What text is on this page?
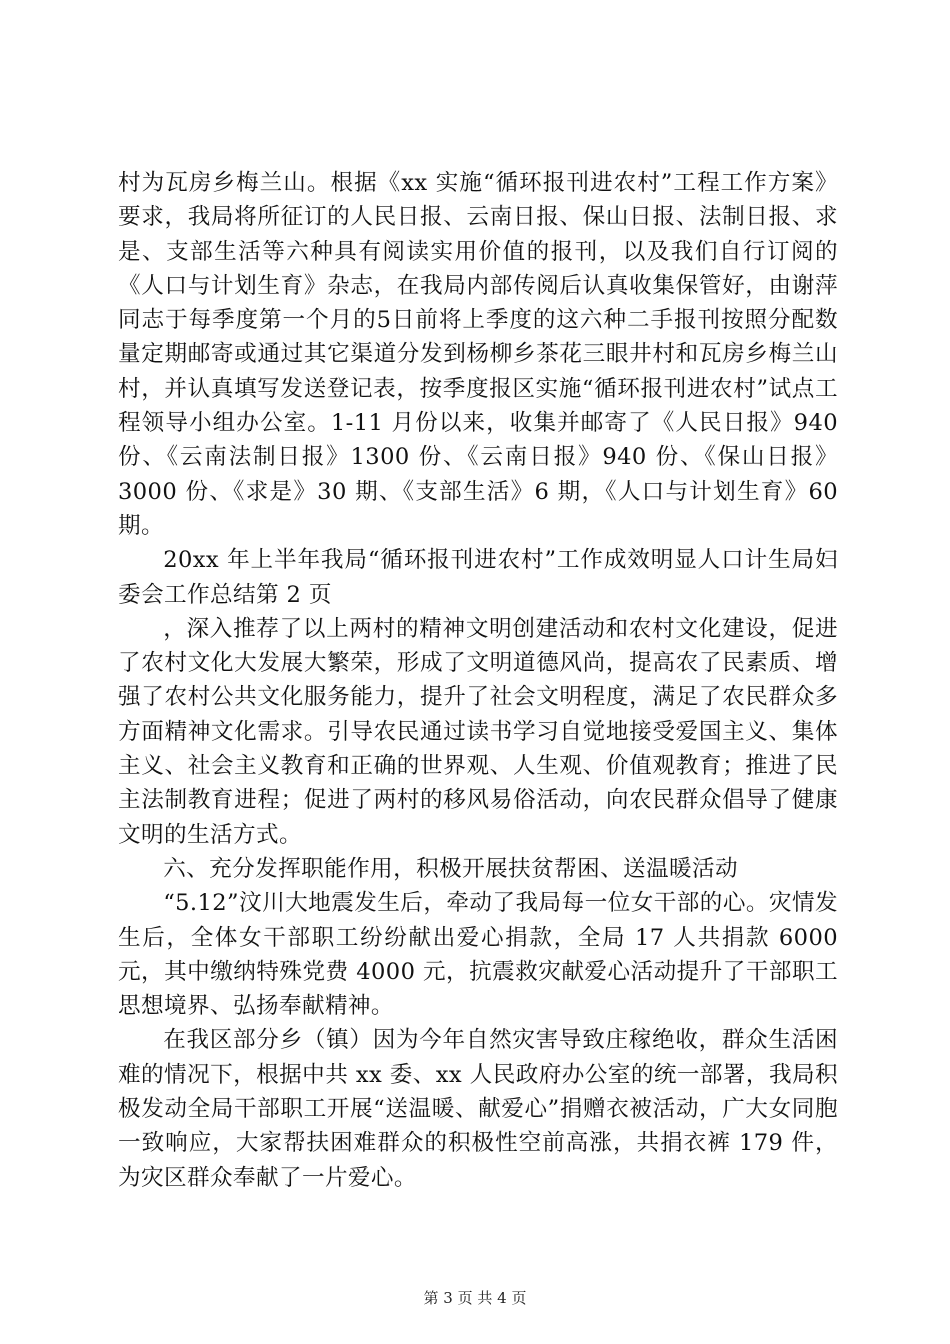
村为瓦房乡梅兰山。根据《xx 实施“循环报刊进农村”工程工作方案》要求，我局将所征订的人民日报、云南日报、保山日报、法制日报、求是、支部生活等六种具有阅读实用价值的报刊，以及我们自行订阅的《人口与计划生育》杂志，在我局内部传阅后认真收集保管好，由谢萍同志于每季度第一个月的5日前将上季度的这六种二手报刊按照分配数量定期邮寄或通过其它渠道分发到杨柳乡茶花三眼井村和瓦房乡梅兰山村，并认真填写发送登记表，按季度报区实施“循环报刊进农村”试点工程领导小组办公室。1-11 月份以来，收集并邮寄了《人民日报》940 份、《云南法制日报》1300 份、《云南日报》940 份、《保山日报》3000 份、《求是》30 期、《支部生活》6 期，《人口与计划生育》60 期。

20xx 年上半年我局“循环报刊进农村”工作成效明显人口计生局妇委会工作总结第 2 页

，深入推荐了以上两村的精神文明创建活动和农村文化建设，促进了农村文化大发展大繁荣，形成了文明道德风尚，提高农了民素质、增强了农村公共文化服务能力，提升了社会文明程度，满足了农民群众多方面精神文化需求。引导农民通过读书学习自觉地接受爱国主义、集体主义、社会主义教育和正确的世界观、人生观、价值观教育；推进了民主法制教育进程；促进了两村的移风易俗活动，向农民群众倡导了健康文明的生活方式。

六、充分发挥职能作用，积极开展扶贫帮困、送温暖活动

“5.12”汶川大地震发生后，牵动了我局每一位女干部的心。灾情发生后，全体女干部职工纷纷献出爱心捐款，全局 17 人共捐款 6000 元，其中缴纳特殊党费 4000 元，抗震救灾献爱心活动提升了干部职工思想境界、弘扬奉献精神。

在我区部分乡（镇）因为今年自然灾害导致庄稼绝收，群众生活困难的情况下，根据中共 xx 委、xx 人民政府办公室的统一部署，我局积极发动全局干部职工开展“送温暖、献爱心”捐赠衣被活动，广大女同胞一致响应，大家帮扶困难群众的积极性空前高涨，共捐衣裤 179 件，为灾区群众奉献了一片爱心。

第 3 页 共 4 页
